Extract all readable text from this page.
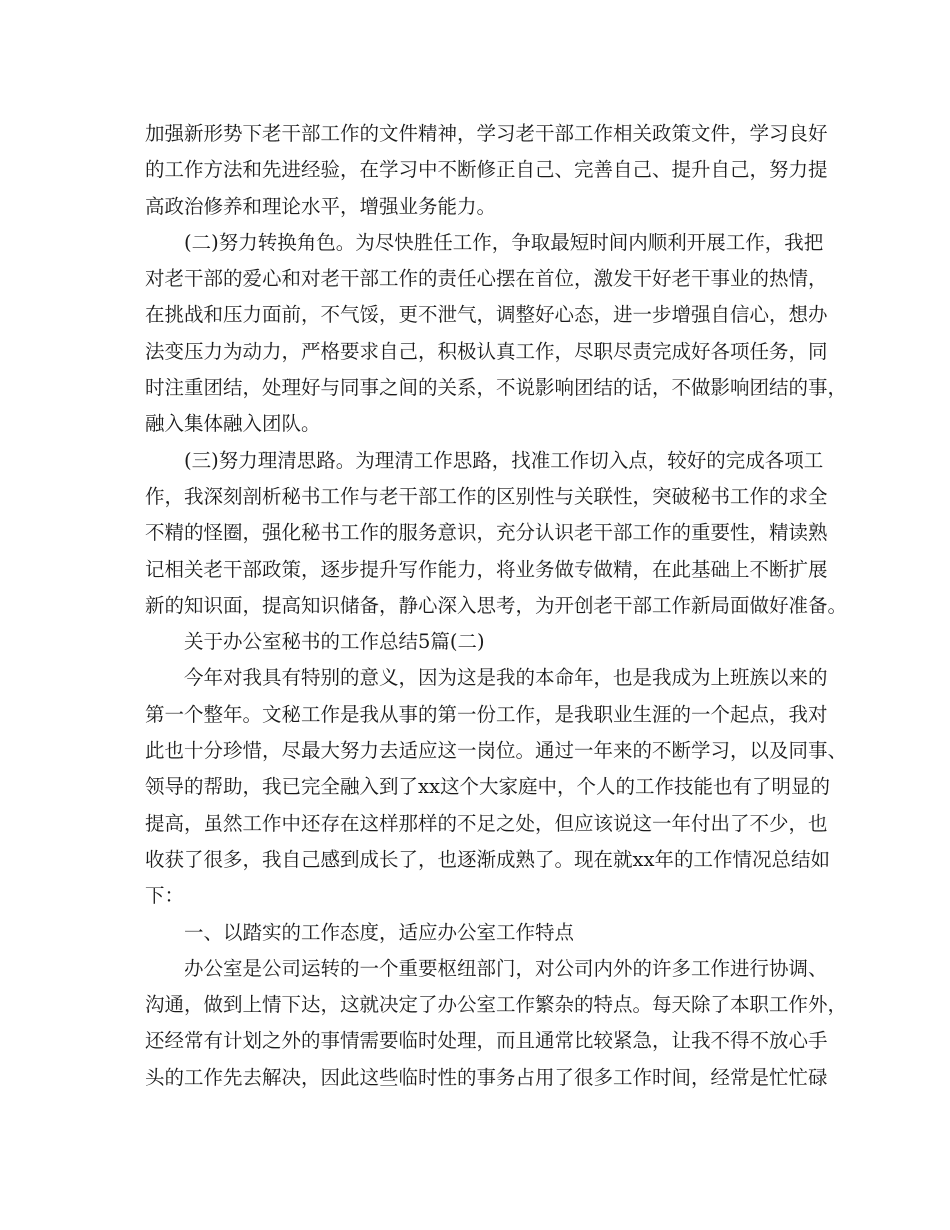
加强新形势下老干部工作的文件精神，学习老干部工作相关政策文件，学习良好
的工作方法和先进经验，在学习中不断修正自己、完善自己、提升自己，努力提
高政治修养和理论水平，增强业务能力。
(二)努力转换角色。为尽快胜任工作，争取最短时间内顺利开展工作，我把
对老干部的爱心和对老干部工作的责任心摆在首位，激发干好老干事业的热情，
在挑战和压力面前，不气馁，更不泄气，调整好心态，进一步增强自信心，想办
法变压力为动力，严格要求自己，积极认真工作，尽职尽责完成好各项任务，同
时注重团结，处理好与同事之间的关系，不说影响团结的话，不做影响团结的事，
融入集体融入团队。
(三)努力理清思路。为理清工作思路，找准工作切入点，较好的完成各项工
作，我深刻剖析秘书工作与老干部工作的区别性与关联性，突破秘书工作的求全
不精的怪圈，强化秘书工作的服务意识，充分认识老干部工作的重要性，精读熟
记相关老干部政策，逐步提升写作能力，将业务做专做精，在此基础上不断扩展
新的知识面，提高知识储备，静心深入思考，为开创老干部工作新局面做好准备。
关于办公室秘书的工作总结5篇(二)
今年对我具有特别的意义，因为这是我的本命年，也是我成为上班族以来的
第一个整年。文秘工作是我从事的第一份工作，是我职业生涯的一个起点，我对
此也十分珍惜，尽最大努力去适应这一岗位。通过一年来的不断学习，以及同事、
领导的帮助，我已完全融入到了xx这个大家庭中，个人的工作技能也有了明显的
提高，虽然工作中还存在这样那样的不足之处，但应该说这一年付出了不少，也
收获了很多，我自己感到成长了，也逐渐成熟了。现在就xx年的工作情况总结如
下：
一、以踏实的工作态度，适应办公室工作特点
办公室是公司运转的一个重要枢纽部门，对公司内外的许多工作进行协调、
沟通，做到上情下达，这就决定了办公室工作繁杂的特点。每天除了本职工作外，
还经常有计划之外的事情需要临时处理，而且通常比较紧急，让我不得不放心手
头的工作先去解决，因此这些临时性的事务占用了很多工作时间，经常是忙忙碌
